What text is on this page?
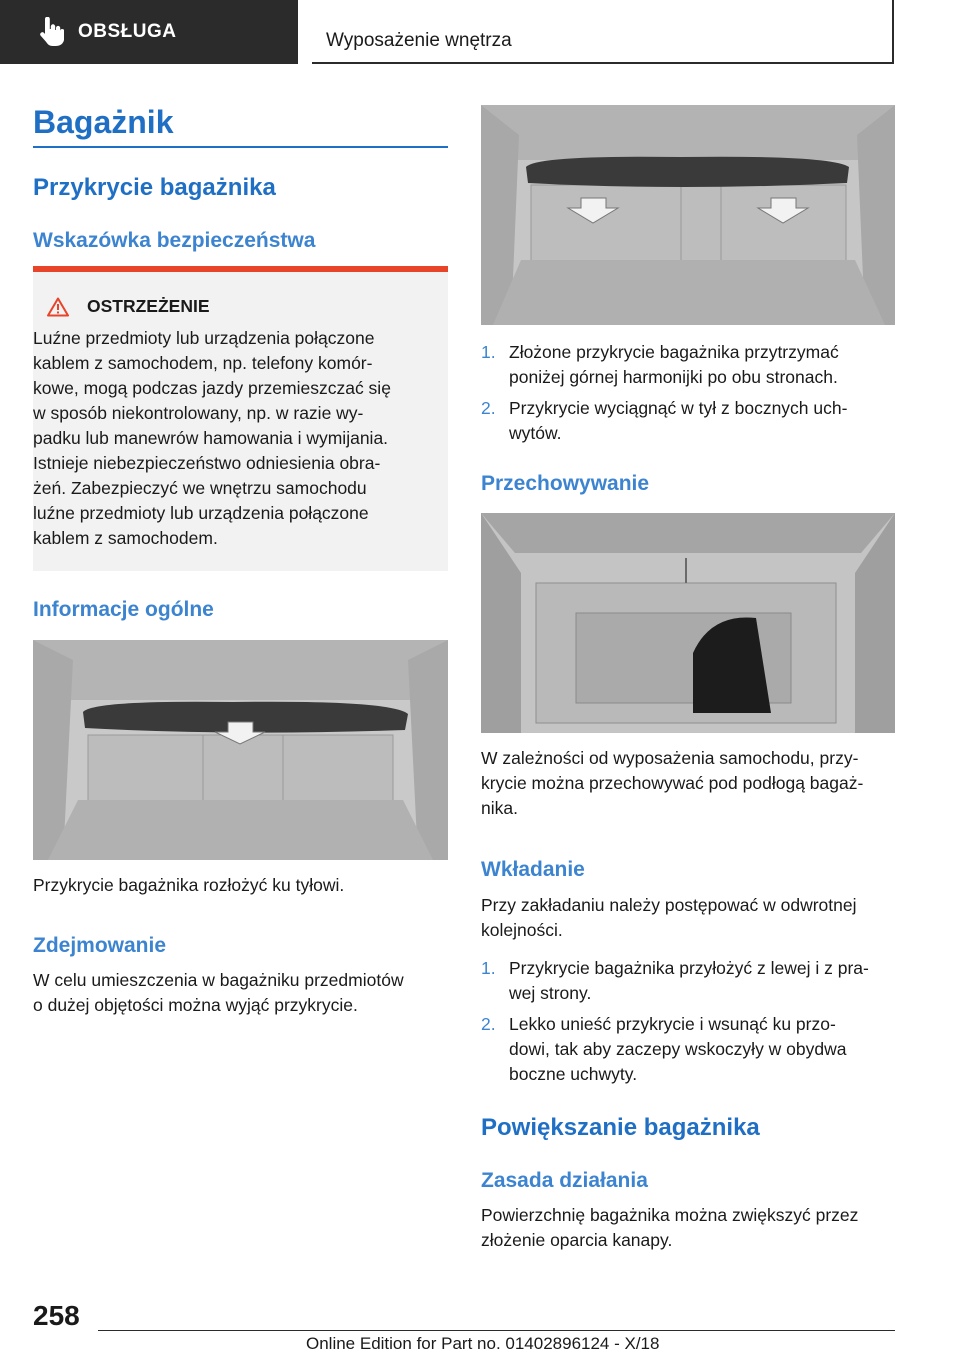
OBSŁUGA	Wyposażenie wnętrza
Bagażnik
Przykrycie bagażnika
Wskazówka bezpieczeństwa
OSTRZEŻENIE
Luźne przedmioty lub urządzenia połączone
kablem z samochodem, np. telefony komór-
kowe, mogą podczas jazdy przemieszczać się
w sposób niekontrolowany, np. w razie wy-
padku lub manewrów hamowania i wymijania.
Istnieje niebezpieczeństwo odniesienia obra-
żeń. Zabezpieczyć we wnętrzu samochodu
luźne przedmioty lub urządzenia połączone
kablem z samochodem.
Informacje ogólne
Przykrycie bagażnika rozłożyć ku tyłowi.
Zdejmowanie
W celu umieszczenia w bagażniku przedmiotów
o dużej objętości można wyjąć przykrycie.
1. Złożone przykrycie bagażnika przytrzymać
poniżej górnej harmonijki po obu stronach.
2. Przykrycie wyciągnąć w tył z bocznych uch-
wytów.
Przechowywanie
W zależności od wyposażenia samochodu, przy-
krycie można przechowywać pod podłogą bagaż-
nika.
Wkładanie
Przy zakładaniu należy postępować w odwrotnej
kolejności.
1. Przykrycie bagażnika przyłożyć z lewej i z pra-
wej strony.
2. Lekko unieść przykrycie i wsunąć ku przo-
dowi, tak aby zaczepy wskoczyły w obydwa
boczne uchwyty.
Powiększanie bagażnika
Zasada działania
Powierzchnię bagażnika można zwiększyć przez
złożenie oparcia kanapy.
258
Online Edition for Part no. 01402896124 - X/18
